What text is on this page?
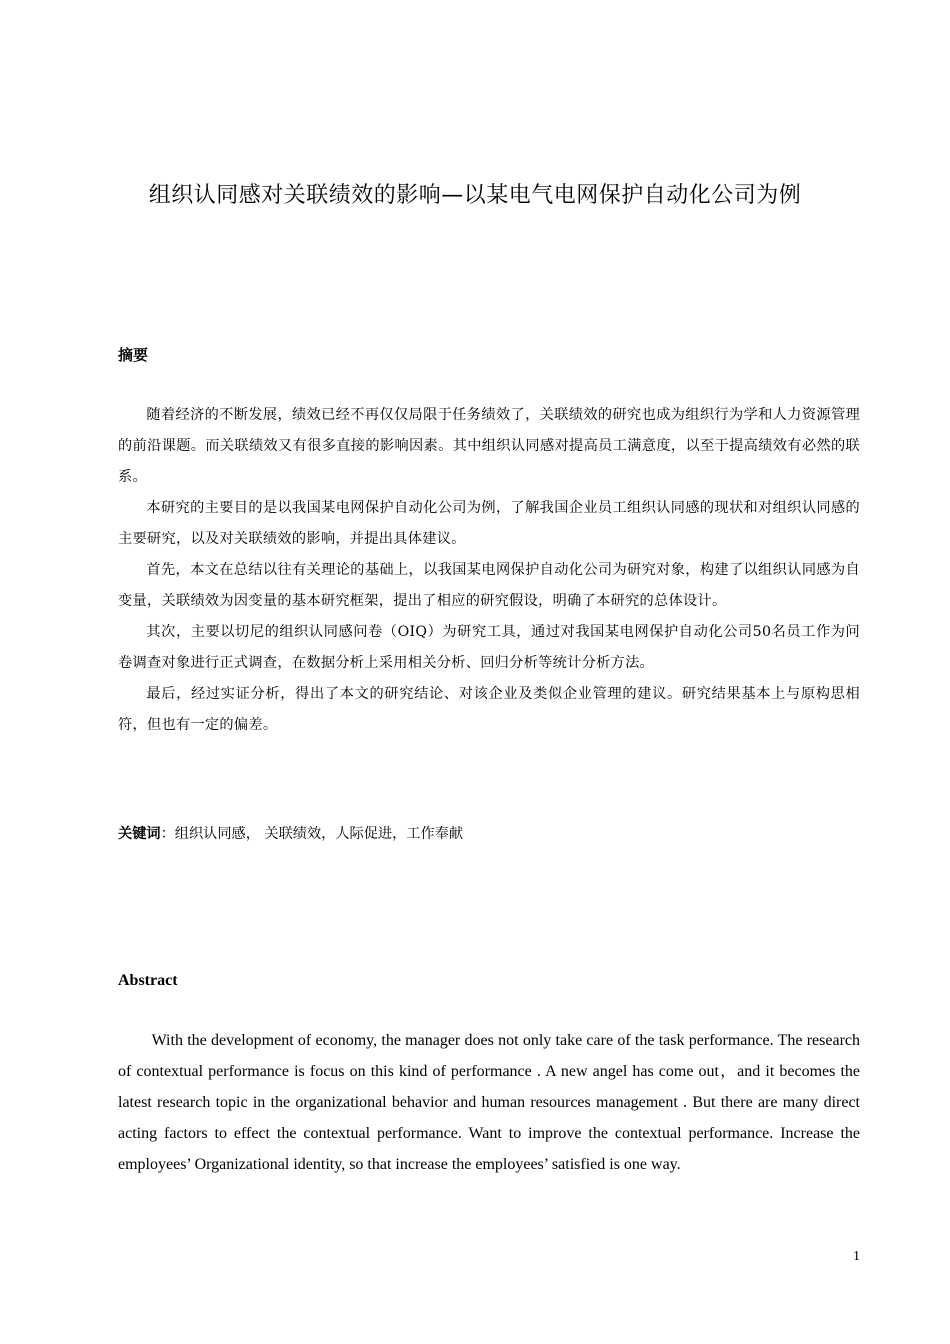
组织认同感对关联绩效的影响—以某电气电网保护自动化公司为例
摘要

随着经济的不断发展，绩效已经不再仅仅局限于任务绩效了，关联绩效的研究也成为组织行为学和人力资源管理的前沿课题。而关联绩效又有很多直接的影响因素。其中组织认同感对提高员工满意度，以至于提高绩效有必然的联系。

本研究的主要目的是以我国某电网保护自动化公司为例，了解我国企业员工组织认同感的现状和对组织认同感的主要研究，以及对关联绩效的影响，并提出具体建议。

首先，本文在总结以往有关理论的基础上，以我国某电网保护自动化公司为研究对象，构建了以组织认同感为自变量，关联绩效为因变量的基本研究框架，提出了相应的研究假设，明确了本研究的总体设计。

其次，主要以切尼的组织认同感问卷（OIQ）为研究工具，通过对我国某电网保护自动化公司50名员工作为问卷调查对象进行正式调查，在数据分析上采用相关分析、回归分析等统计分析方法。

最后，经过实证分析，得出了本文的研究结论、对该企业及类似企业管理的建议。研究结果基本上与原构思相符，但也有一定的偏差。

关键词：组织认同感， 关联绩效，人际促进，工作奉献
Abstract

With the development of economy, the manager does not only take care of the task performance. The research of contextual performance is focus on this kind of performance . A new angel has come out，and it becomes the latest research topic in the organizational behavior and human resources management . But there are many direct acting factors to effect the contextual performance. Want to improve the contextual performance. Increase the employees’ Organizational identity, so that increase the employees’ satisfied is one way.

1
